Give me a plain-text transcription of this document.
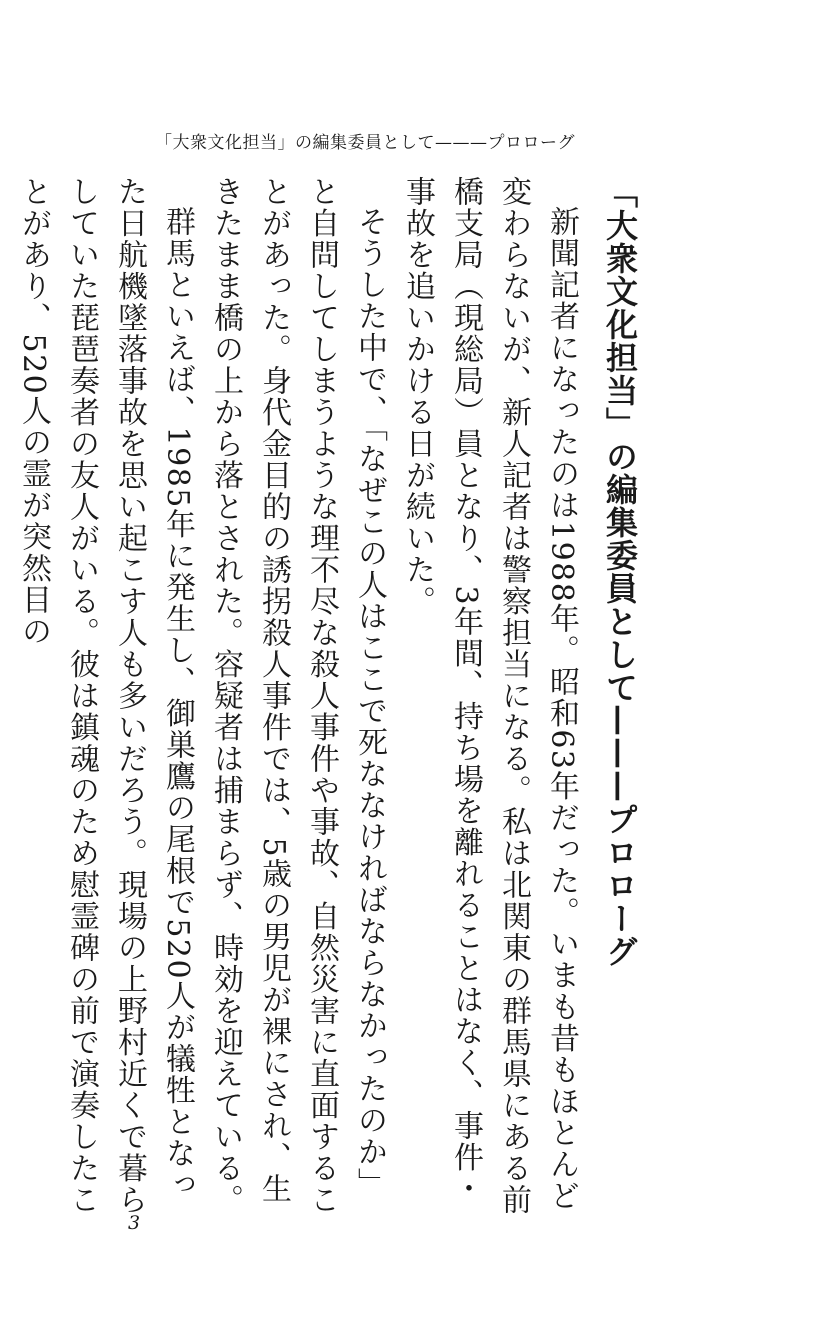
「大衆文化担当」の編集委員として———プロローグ
「大衆文化担当」の編集委員として———プロローグ

新聞記者になったのは1988年。昭和63年だった。いまも昔もほとんど変わらないが、新人記者は警察担当になる。私は北関東の群馬県にある前橋支局（現総局）員となり、3年間、持ち場を離れることはなく、事件・事故を追いかける日が続いた。

そうした中で、「なぜこの人はここで死ななければならなかったのか」と自問してしまうような理不尽な殺人事件や事故、自然災害に直面することがあった。身代金目的の誘拐殺人事件では、5歳の男児が裸にされ、生きたまま橋の上から落とされた。容疑者は捕まらず、時効を迎えている。

群馬といえば、1985年に発生し、御巣鷹の尾根で520人が犠牲となった日航機墜落事故を思い起こす人も多いだろう。現場の上野村近くで暮らしていた琵琶奏者の友人がいる。彼は鎮魂のため慰霊碑の前で演奏したことがあり、520人の霊が突然目の

3
